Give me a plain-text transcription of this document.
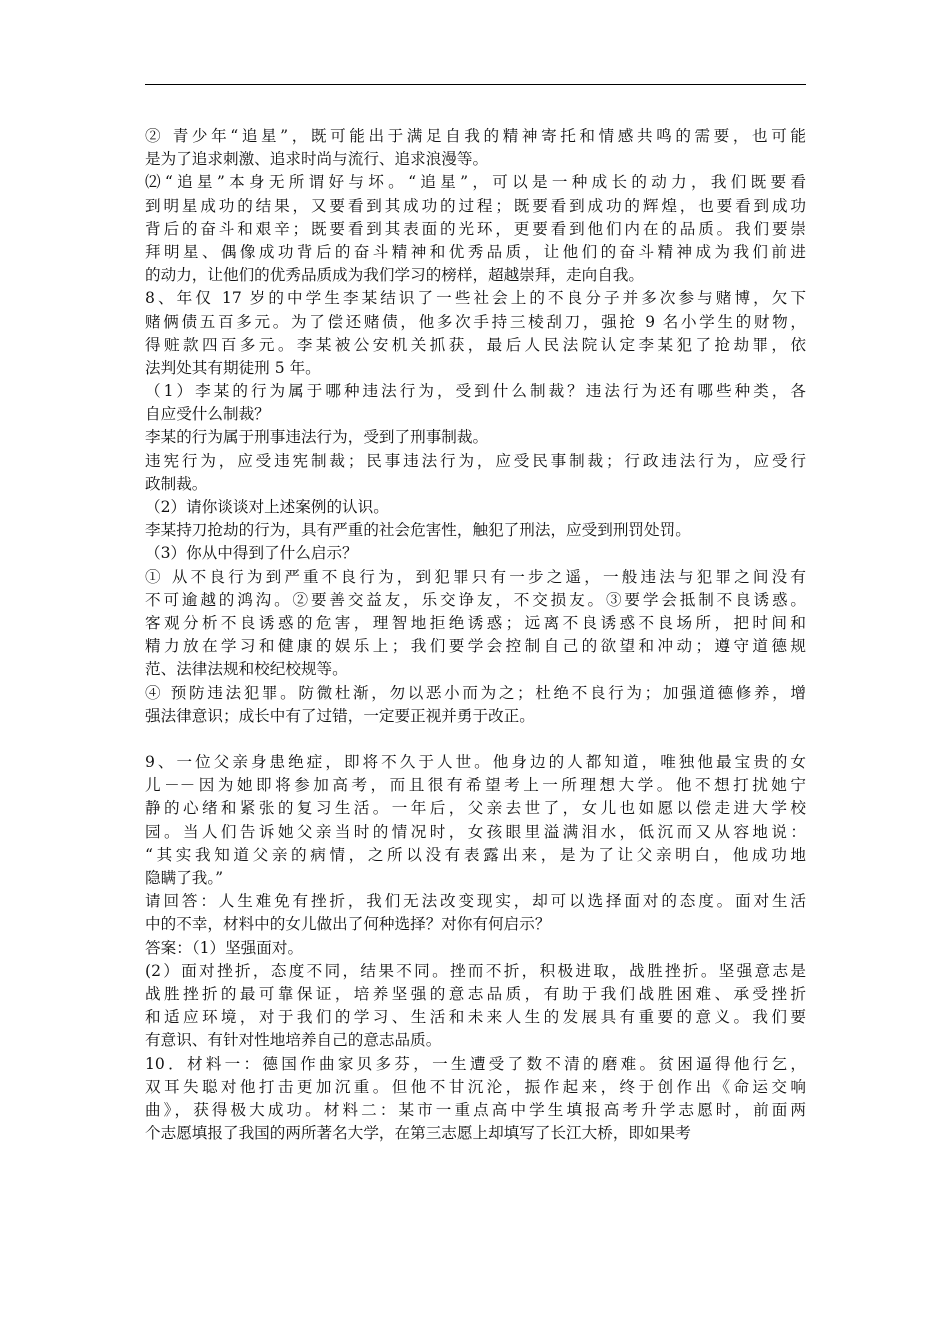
② 青少年“追星”，既可能出于满足自我的精神寄托和情感共鸣的需要，也可能
是为了追求刺激、追求时尚与流行、追求浪漫等。
⑵“追星”本身无所谓好与坏。“追星”，可以是一种成长的动力，我们既要看
到明星成功的结果，又要看到其成功的过程；既要看到成功的辉煌，也要看到成功
背后的奋斗和艰辛；既要看到其表面的光环，更要看到他们内在的品质。我们要崇
拜明星、偶像成功背后的奋斗精神和优秀品质，让他们的奋斗精神成为我们前进
的动力，让他们的优秀品质成为我们学习的榜样，超越崇拜，走向自我。
8、年仅 17 岁的中学生李某结识了一些社会上的不良分子并多次参与赌博，欠下
赌俩债五百多元。为了偿还赌债，他多次手持三棱刮刀，强抢 9 名小学生的财物，
得赃款四百多元。李某被公安机关抓获，最后人民法院认定李某犯了抢劫罪，依
法判处其有期徒刑 5 年。
（1）李某的行为属于哪种违法行为，受到什么制裁？违法行为还有哪些种类，各
自应受什么制裁？
李某的行为属于刑事违法行为，受到了刑事制裁。
违宪行为，应受违宪制裁；民事违法行为，应受民事制裁；行政违法行为，应受行
政制裁。
（2）请你谈谈对上述案例的认识。
李某持刀抢劫的行为，具有严重的社会危害性，触犯了刑法，应受到刑罚处罚。
（3）你从中得到了什么启示？
① 从不良行为到严重不良行为，到犯罪只有一步之遥，一般违法与犯罪之间没有
不可逾越的鸿沟。②要善交益友，乐交诤友，不交损友。③要学会抵制不良诱惑。
客观分析不良诱惑的危害，理智地拒绝诱惑；远离不良诱惑不良场所，把时间和
精力放在学习和健康的娱乐上；我们要学会控制自己的欲望和冲动；遵守道德规
范、法律法规和校纪校规等。
④ 预防违法犯罪。防微杜渐，勿以恶小而为之；杜绝不良行为；加强道德修养，增
强法律意识；成长中有了过错，一定要正视并勇于改正。
9、一位父亲身患绝症，即将不久于人世。他身边的人都知道，唯独他最宝贵的女
儿－－因为她即将参加高考，而且很有希望考上一所理想大学。他不想打扰她宁
静的心绪和紧张的复习生活。一年后，父亲去世了，女儿也如愿以偿走进大学校
园。当人们告诉她父亲当时的情况时，女孩眼里溢满泪水，低沉而又从容地说：
“其实我知道父亲的病情，之所以没有表露出来，是为了让父亲明白，他成功地
隐瞒了我。”
请回答：人生难免有挫折，我们无法改变现实，却可以选择面对的态度。面对生活
中的不幸，材料中的女儿做出了何种选择？对你有何启示？
答案：（1）坚强面对。
(2）面对挫折，态度不同，结果不同。挫而不折，积极进取，战胜挫折。坚强意志是
战胜挫折的最可靠保证，培养坚强的意志品质，有助于我们战胜困难、承受挫折
和适应环境，对于我们的学习、生活和未来人生的发展具有重要的意义。我们要
有意识、有针对性地培养自己的意志品质。
10．材料一：德国作曲家贝多芬，一生遭受了数不清的磨难。贫困逼得他行乞，
双耳失聪对他打击更加沉重。但他不甘沉沦，振作起来，终于创作出《命运交响
曲》，获得极大成功。材料二：某市一重点高中学生填报高考升学志愿时，前面两
个志愿填报了我国的两所著名大学，在第三志愿上却填写了长江大桥，即如果考
